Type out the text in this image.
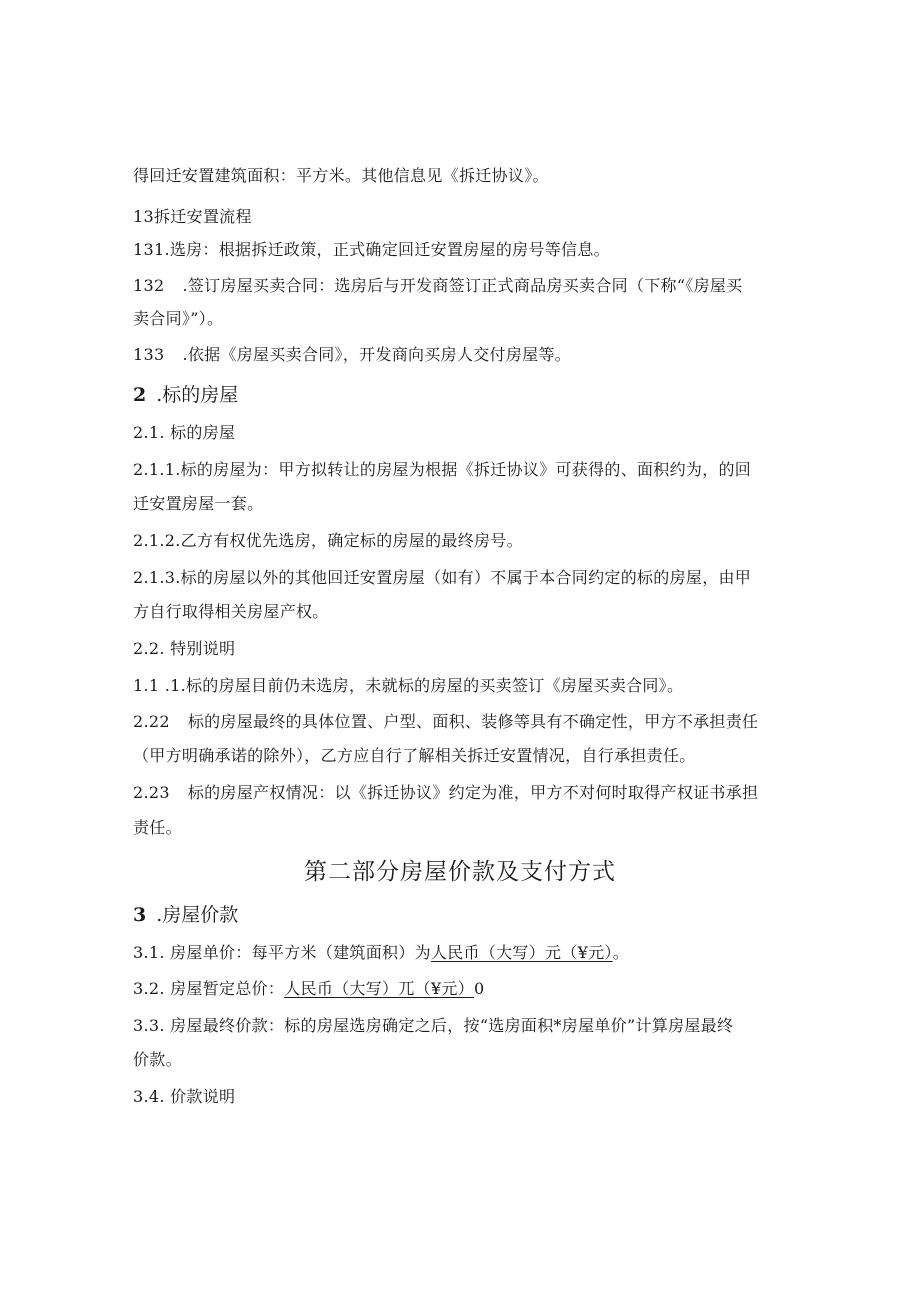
得回迁安置建筑面积：平方米。其他信息见《拆迁协议》。
13拆迁安置流程
131.选房：根据拆迁政策，正式确定回迁安置房屋的房号等信息。
132 .签订房屋买卖合同：选房后与开发商签订正式商品房买卖合同（下称“《房屋买
卖合同》”）。
133 .依据《房屋买卖合同》，开发商向买房人交付房屋等。
2 .标的房屋
2.1. 标的房屋
2.1.1.标的房屋为：甲方拟转让的房屋为根据《拆迁协议》可获得的、面积约为，的回
迁安置房屋一套。
2.1.2.乙方有权优先选房，确定标的房屋的最终房号。
2.1.3.标的房屋以外的其他回迁安置房屋（如有）不属于本合同约定的标的房屋，由甲
方自行取得相关房屋产权。
2.2. 特别说明
1.1 .1.标的房屋目前仍未选房，未就标的房屋的买卖签订《房屋买卖合同》。
2.22 标的房屋最终的具体位置、户型、面积、装修等具有不确定性，甲方不承担责任
（甲方明确承诺的除外），乙方应自行了解相关拆迁安置情况，自行承担责任。
2.23 标的房屋产权情况：以《拆迁协议》约定为准，甲方不对何时取得产权证书承担
责任。
第二部分房屋价款及支付方式
3 .房屋价款
3.1. 房屋单价：每平方米（建筑面积）为人民币（大写）元（¥元）。
3.2. 房屋暂定总价：人民币（大写）兀（¥元）0
3.3. 房屋最终价款：标的房屋选房确定之后，按“选房面积*房屋单价”计算房屋最终
价款。
3.4. 价款说明
